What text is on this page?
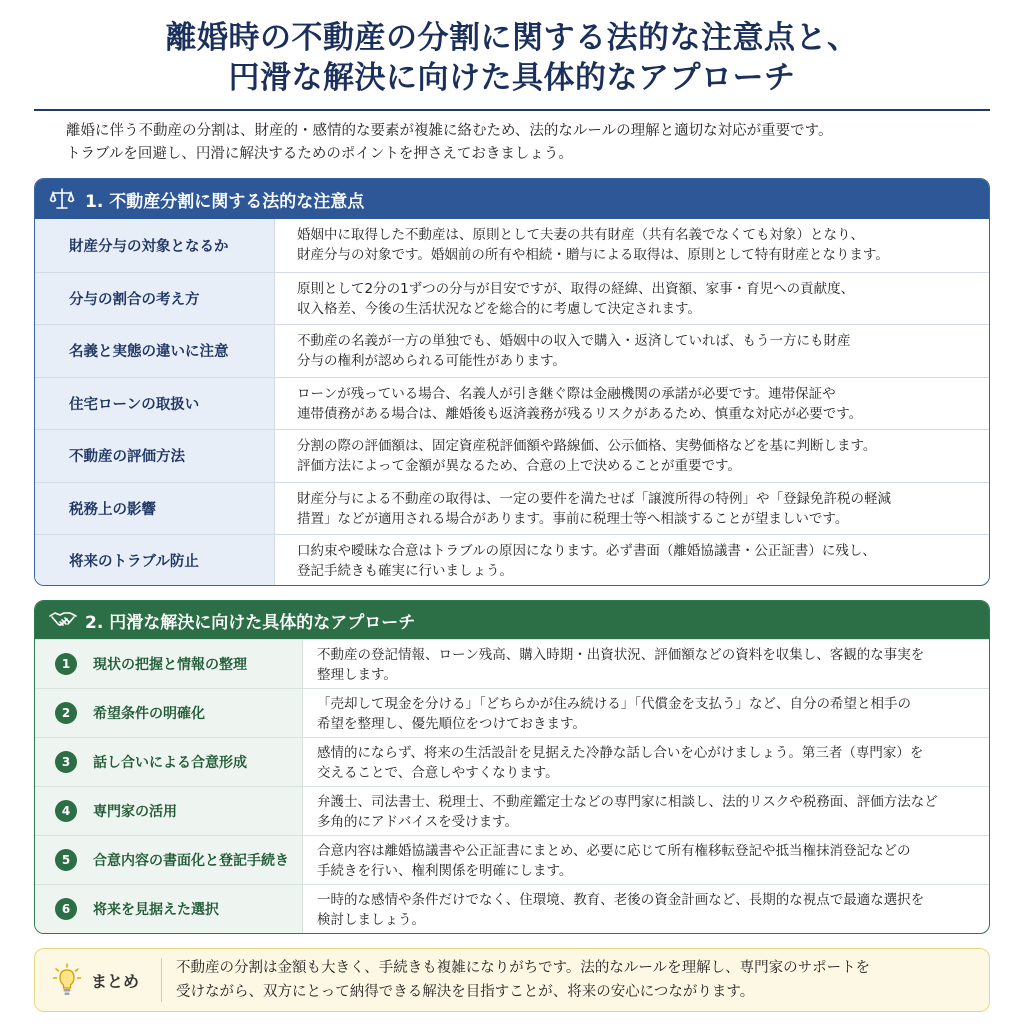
離婚時の不動産の分割に関する法的な注意点と、
円滑な解決に向けた具体的なアプローチ
離婚に伴う不動産の分割は、財産的・感情的な要素が複雑に絡むため、法的なルールの理解と適切な対応が重要です。
トラブルを回避し、円滑に解決するためのポイントを押さえておきましょう。
1. 不動産分割に関する法的な注意点
財産分与の対象となるか
婚姻中に取得した不動産は、原則として夫妻の共有財産（共有名義でなくても対象）となり、
財産分与の対象です。婚姻前の所有や相続・贈与による取得は、原則として特有財産となります。
分与の割合の考え方
原則として2分の1ずつの分与が目安ですが、取得の経緯、出資額、家事・育児への貢献度、
収入格差、今後の生活状況などを総合的に考慮して決定されます。
名義と実態の違いに注意
不動産の名義が一方の単独でも、婚姻中の収入で購入・返済していれば、もう一方にも財産
分与の権利が認められる可能性があります。
住宅ローンの取扱い
ローンが残っている場合、名義人が引き継ぐ際は金融機関の承諾が必要です。連帯保証や
連帯債務がある場合は、離婚後も返済義務が残るリスクがあるため、慎重な対応が必要です。
不動産の評価方法
分割の際の評価額は、固定資産税評価額や路線価、公示価格、実勢価格などを基に判断します。
評価方法によって金額が異なるため、合意の上で決めることが重要です。
税務上の影響
財産分与による不動産の取得は、一定の要件を満たせば「譲渡所得の特例」や「登録免許税の軽減
措置」などが適用される場合があります。事前に税理士等へ相談することが望ましいです。
将来のトラブル防止
口約束や曖昧な合意はトラブルの原因になります。必ず書面（離婚協議書・公正証書）に残し、
登記手続きも確実に行いましょう。
2. 円滑な解決に向けた具体的なアプローチ
1	現状の把握と情報の整理
不動産の登記情報、ローン残高、購入時期・出資状況、評価額などの資料を収集し、客観的な事実を
整理します。
2	希望条件の明確化
「売却して現金を分ける」「どちらかが住み続ける」「代償金を支払う」など、自分の希望と相手の
希望を整理し、優先順位をつけておきます。
3	話し合いによる合意形成
感情的にならず、将来の生活設計を見据えた冷静な話し合いを心がけましょう。第三者（専門家）を
交えることで、合意しやすくなります。
4	専門家の活用
弁護士、司法書士、税理士、不動産鑑定士などの専門家に相談し、法的リスクや税務面、評価方法など
多角的にアドバイスを受けます。
5	合意内容の書面化と登記手続き
合意内容は離婚協議書や公正証書にまとめ、必要に応じて所有権移転登記や抵当権抹消登記などの
手続きを行い、権利関係を明確にします。
6	将来を見据えた選択
一時的な感情や条件だけでなく、住環境、教育、老後の資金計画など、長期的な視点で最適な選択を
検討しましょう。
まとめ
不動産の分割は金額も大きく、手続きも複雑になりがちです。法的なルールを理解し、専門家のサポートを
受けながら、双方にとって納得できる解決を目指すことが、将来の安心につながります。
